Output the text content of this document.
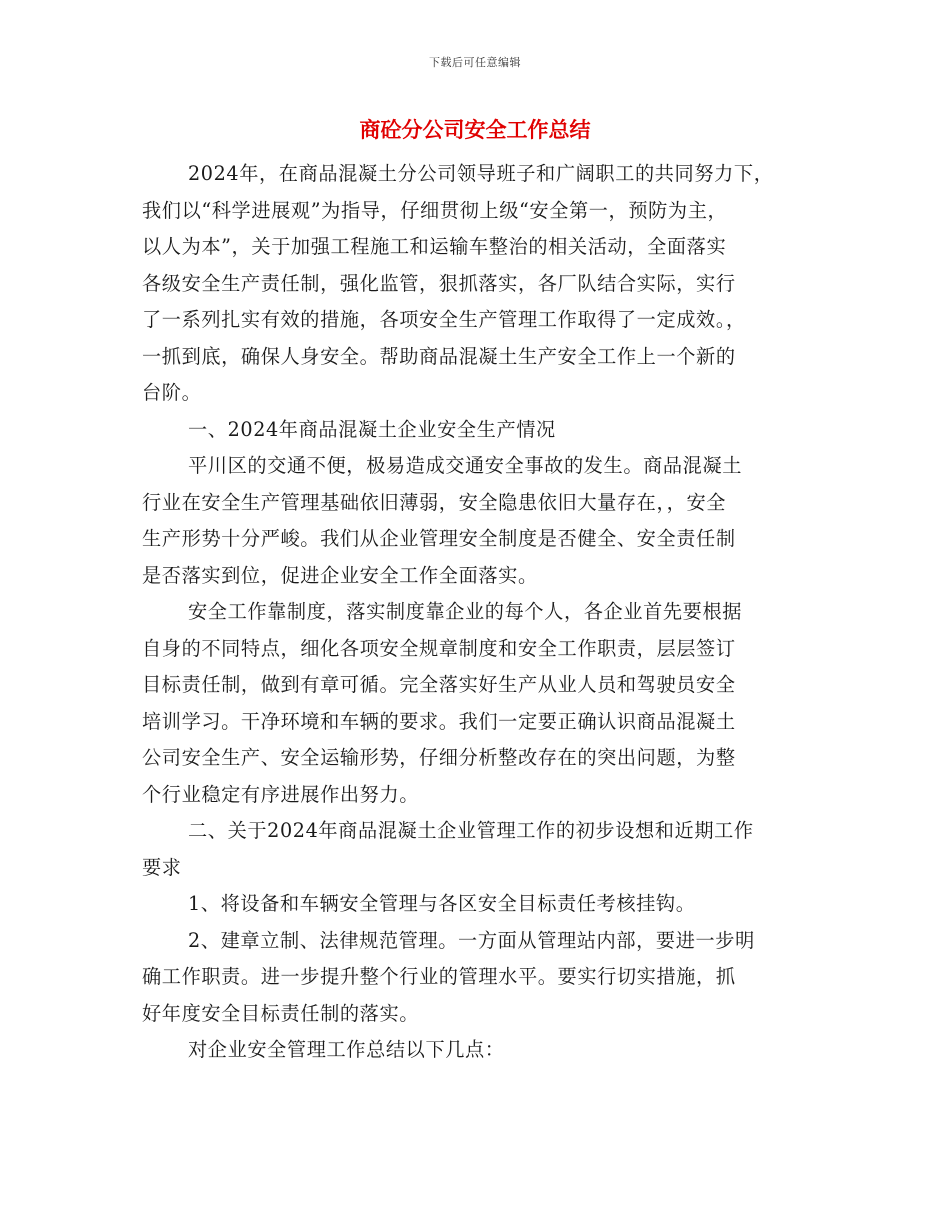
下载后可任意编辑
商砼分公司安全工作总结
2024年，在商品混凝土分公司领导班子和广阔职工的共同努力下，
我们以“科学进展观”为指导，仔细贯彻上级“安全第一，预防为主，
以人为本”，关于加强工程施工和运输车整治的相关活动，全面落实
各级安全生产责任制，强化监管，狠抓落实，各厂队结合实际，实行
了一系列扎实有效的措施，各项安全生产管理工作取得了一定成效。，
一抓到底，确保人身安全。帮助商品混凝土生产安全工作上一个新的
台阶。
一、2024年商品混凝土企业安全生产情况
平川区的交通不便，极易造成交通安全事故的发生。商品混凝土
行业在安全生产管理基础依旧薄弱，安全隐患依旧大量存在，，安全
生产形势十分严峻。我们从企业管理安全制度是否健全、安全责任制
是否落实到位，促进企业安全工作全面落实。
安全工作靠制度，落实制度靠企业的每个人，各企业首先要根据
自身的不同特点，细化各项安全规章制度和安全工作职责，层层签订
目标责任制，做到有章可循。完全落实好生产从业人员和驾驶员安全
培训学习。干净环境和车辆的要求。我们一定要正确认识商品混凝土
公司安全生产、安全运输形势，仔细分析整改存在的突出问题，为整
个行业稳定有序进展作出努力。
二、关于2024年商品混凝土企业管理工作的初步设想和近期工作
要求
1、将设备和车辆安全管理与各区安全目标责任考核挂钩。
2、建章立制、法律规范管理。一方面从管理站内部，要进一步明
确工作职责。进一步提升整个行业的管理水平。要实行切实措施，抓
好年度安全目标责任制的落实。
对企业安全管理工作总结以下几点：
